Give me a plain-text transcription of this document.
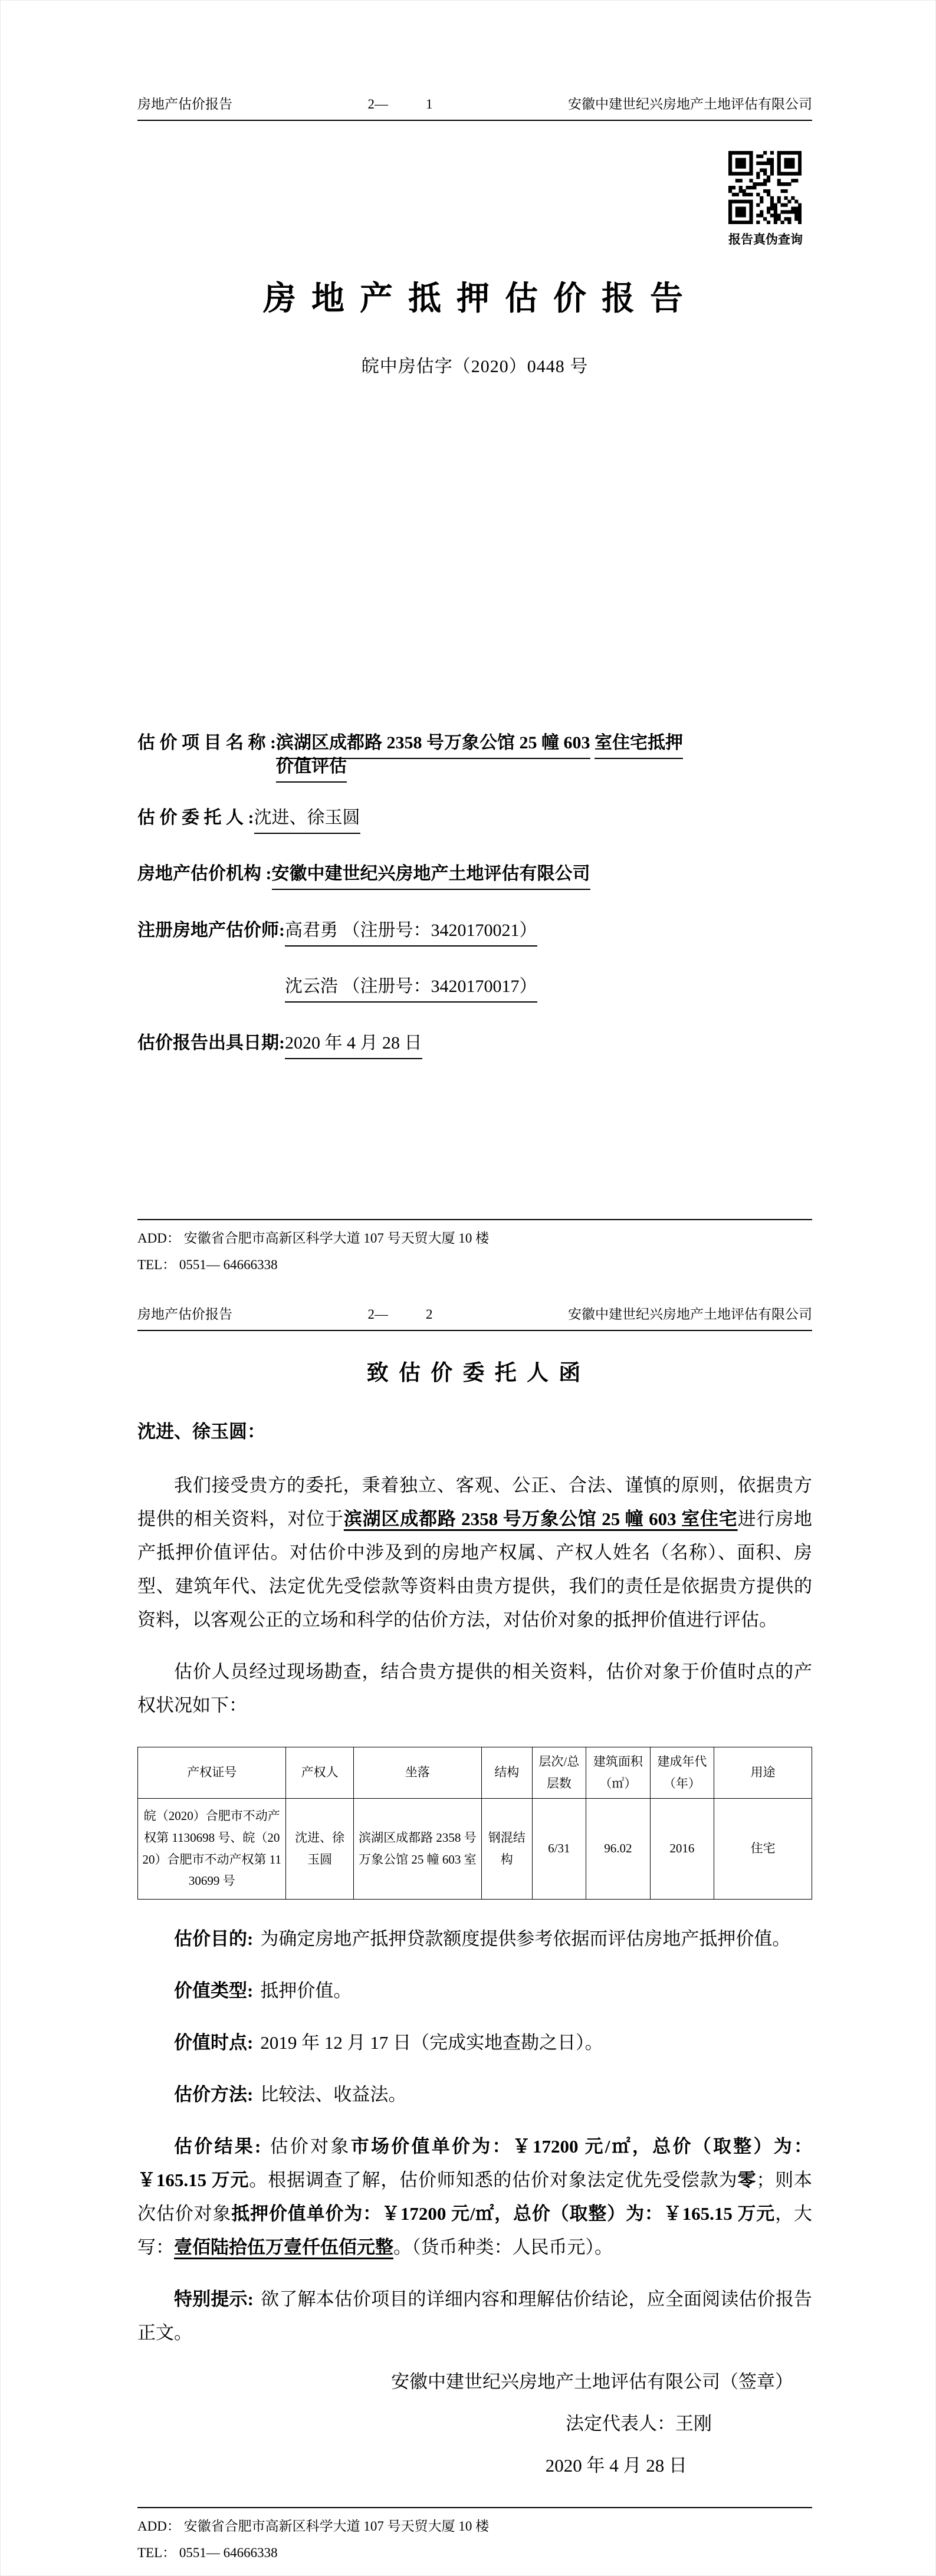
房地产估价报告	2—	1	安徽中建世纪兴房地产土地评估有限公司
报告真伪查询
房 地 产 抵 押 估 价 报 告
皖中房估字（2020）0448 号
估 价 项 目 名 称 : 滨湖区成都路 2358 号万象公馆 25 幢 603 室住宅抵押价值评估
估 价 委 托 人 : 沈进、徐玉圆
房地产估价机构 : 安徽中建世纪兴房地产土地评估有限公司
注册房地产估价师: 高君勇 （注册号：3420170021）
沈云浩 （注册号：3420170017）
估价报告出具日期: 2020 年 4 月 28 日
ADD： 安徽省合肥市高新区科学大道 107 号天贸大厦 10 楼
TEL： 0551— 64666338
房地产估价报告	2—	2	安徽中建世纪兴房地产土地评估有限公司
致 估 价 委 托 人 函
沈进、徐玉圆：

我们接受贵方的委托，秉着独立、客观、公正、合法、谨慎的原则，依据贵方提供的相关资料，对位于滨湖区成都路 2358 号万象公馆 25 幢 603 室住宅进行房地产抵押价值评估。对估价中涉及到的房地产权属、产权人姓名（名称）、面积、房型、建筑年代、法定优先受偿款等资料由贵方提供，我们的责任是依据贵方提供的资料，以客观公正的立场和科学的估价方法，对估价对象的抵押价值进行评估。

估价人员经过现场勘查，结合贵方提供的相关资料，估价对象于价值时点的产权状况如下：

产权证号	产权人	坐落	结构	层次/总层数	建筑面积（㎡）	建成年代（年）	用途
皖（2020）合肥市不动产权第 1130698 号、皖（2020）合肥市不动产权第 1130699 号	沈进、徐玉圆	滨湖区成都路 2358 号万象公馆 25 幢 603 室	钢混结构	6/31	96.02	2016	住宅

估价目的: 为确定房地产抵押贷款额度提供参考依据而评估房地产抵押价值。

价值类型: 抵押价值。

价值时点: 2019 年 12 月 17 日（完成实地查勘之日）。

估价方法: 比较法、收益法。

估价结果: 估价对象市场价值单价为：￥17200 元/㎡，总价（取整）为：￥165.15 万元。根据调查了解，估价师知悉的估价对象法定优先受偿款为零；则本次估价对象抵押价值单价为：￥17200 元/㎡，总价（取整）为：￥165.15 万元，大写：壹佰陆拾伍万壹仟伍佰元整。（货币种类：人民币元）。

特别提示: 欲了解本估价项目的详细内容和理解估价结论，应全面阅读估价报告正文。

安徽中建世纪兴房地产土地评估有限公司（签章）

法定代表人：王刚

2020 年 4 月 28 日

ADD： 安徽省合肥市高新区科学大道 107 号天贸大厦 10 楼
TEL： 0551— 64666338
